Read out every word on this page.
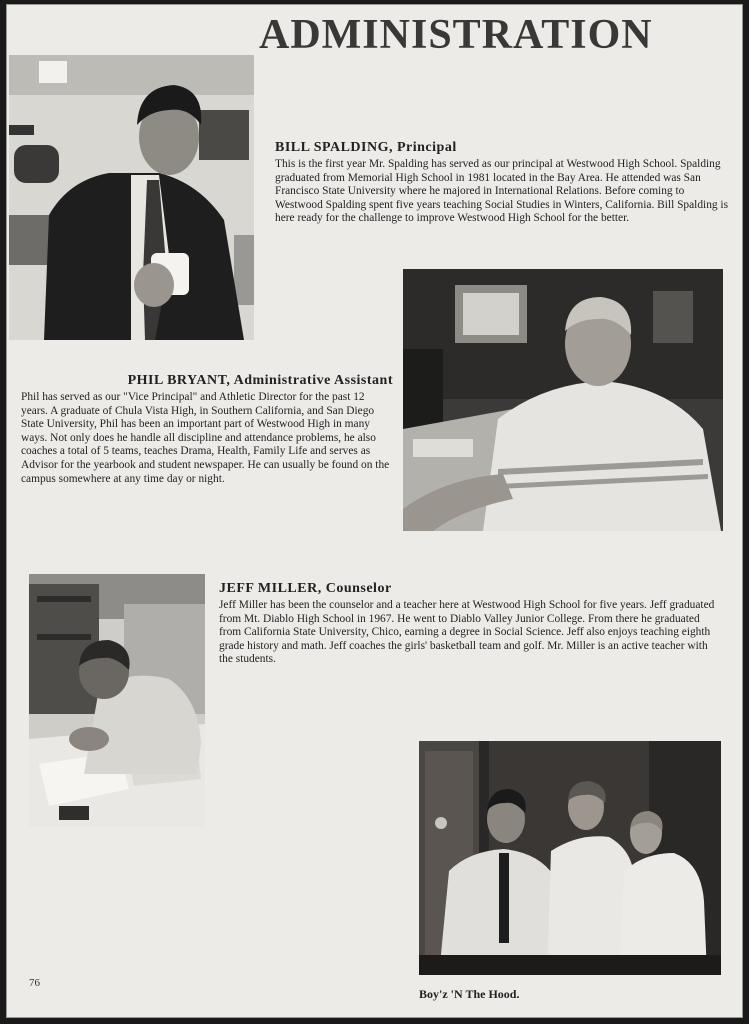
ADMINISTRATION

BILL SPALDING, Principal

This is the first year Mr. Spalding has served as our principal at Westwood High School. Spalding graduated from Memorial High School in 1981 located in the Bay Area. He attended was San Francisco State University where he majored in International Relations. Before coming to Westwood Spalding spent five years teaching Social Studies in Winters, California. Bill Spalding is here ready for the challenge to improve Westwood High School for the better.

PHIL BRYANT, Administrative Assistant

Phil has served as our "Vice Principal" and Athletic Director for the past 12 years. A graduate of Chula Vista High, in Southern California, and San Diego State University, Phil has been an important part of Westwood High in many ways. Not only does he handle all discipline and attendance problems, he also coaches a total of 5 teams, teaches Drama, Health, Family Life and serves as Advisor for the yearbook and student newspaper. He can usually be found on the campus somewhere at any time day or night.

JEFF MILLER, Counselor

Jeff Miller has been the counselor and a teacher here at Westwood High School for five years. Jeff graduated from Mt. Diablo High School in 1967. He went to Diablo Valley Junior College. From there he graduated from California State University, Chico, earning a degree in Social Science. Jeff also enjoys teaching eighth grade history and math. Jeff coaches the girls' basketball team and golf. Mr. Miller is an active teacher with the students.

Boy'z 'N The Hood.
76
